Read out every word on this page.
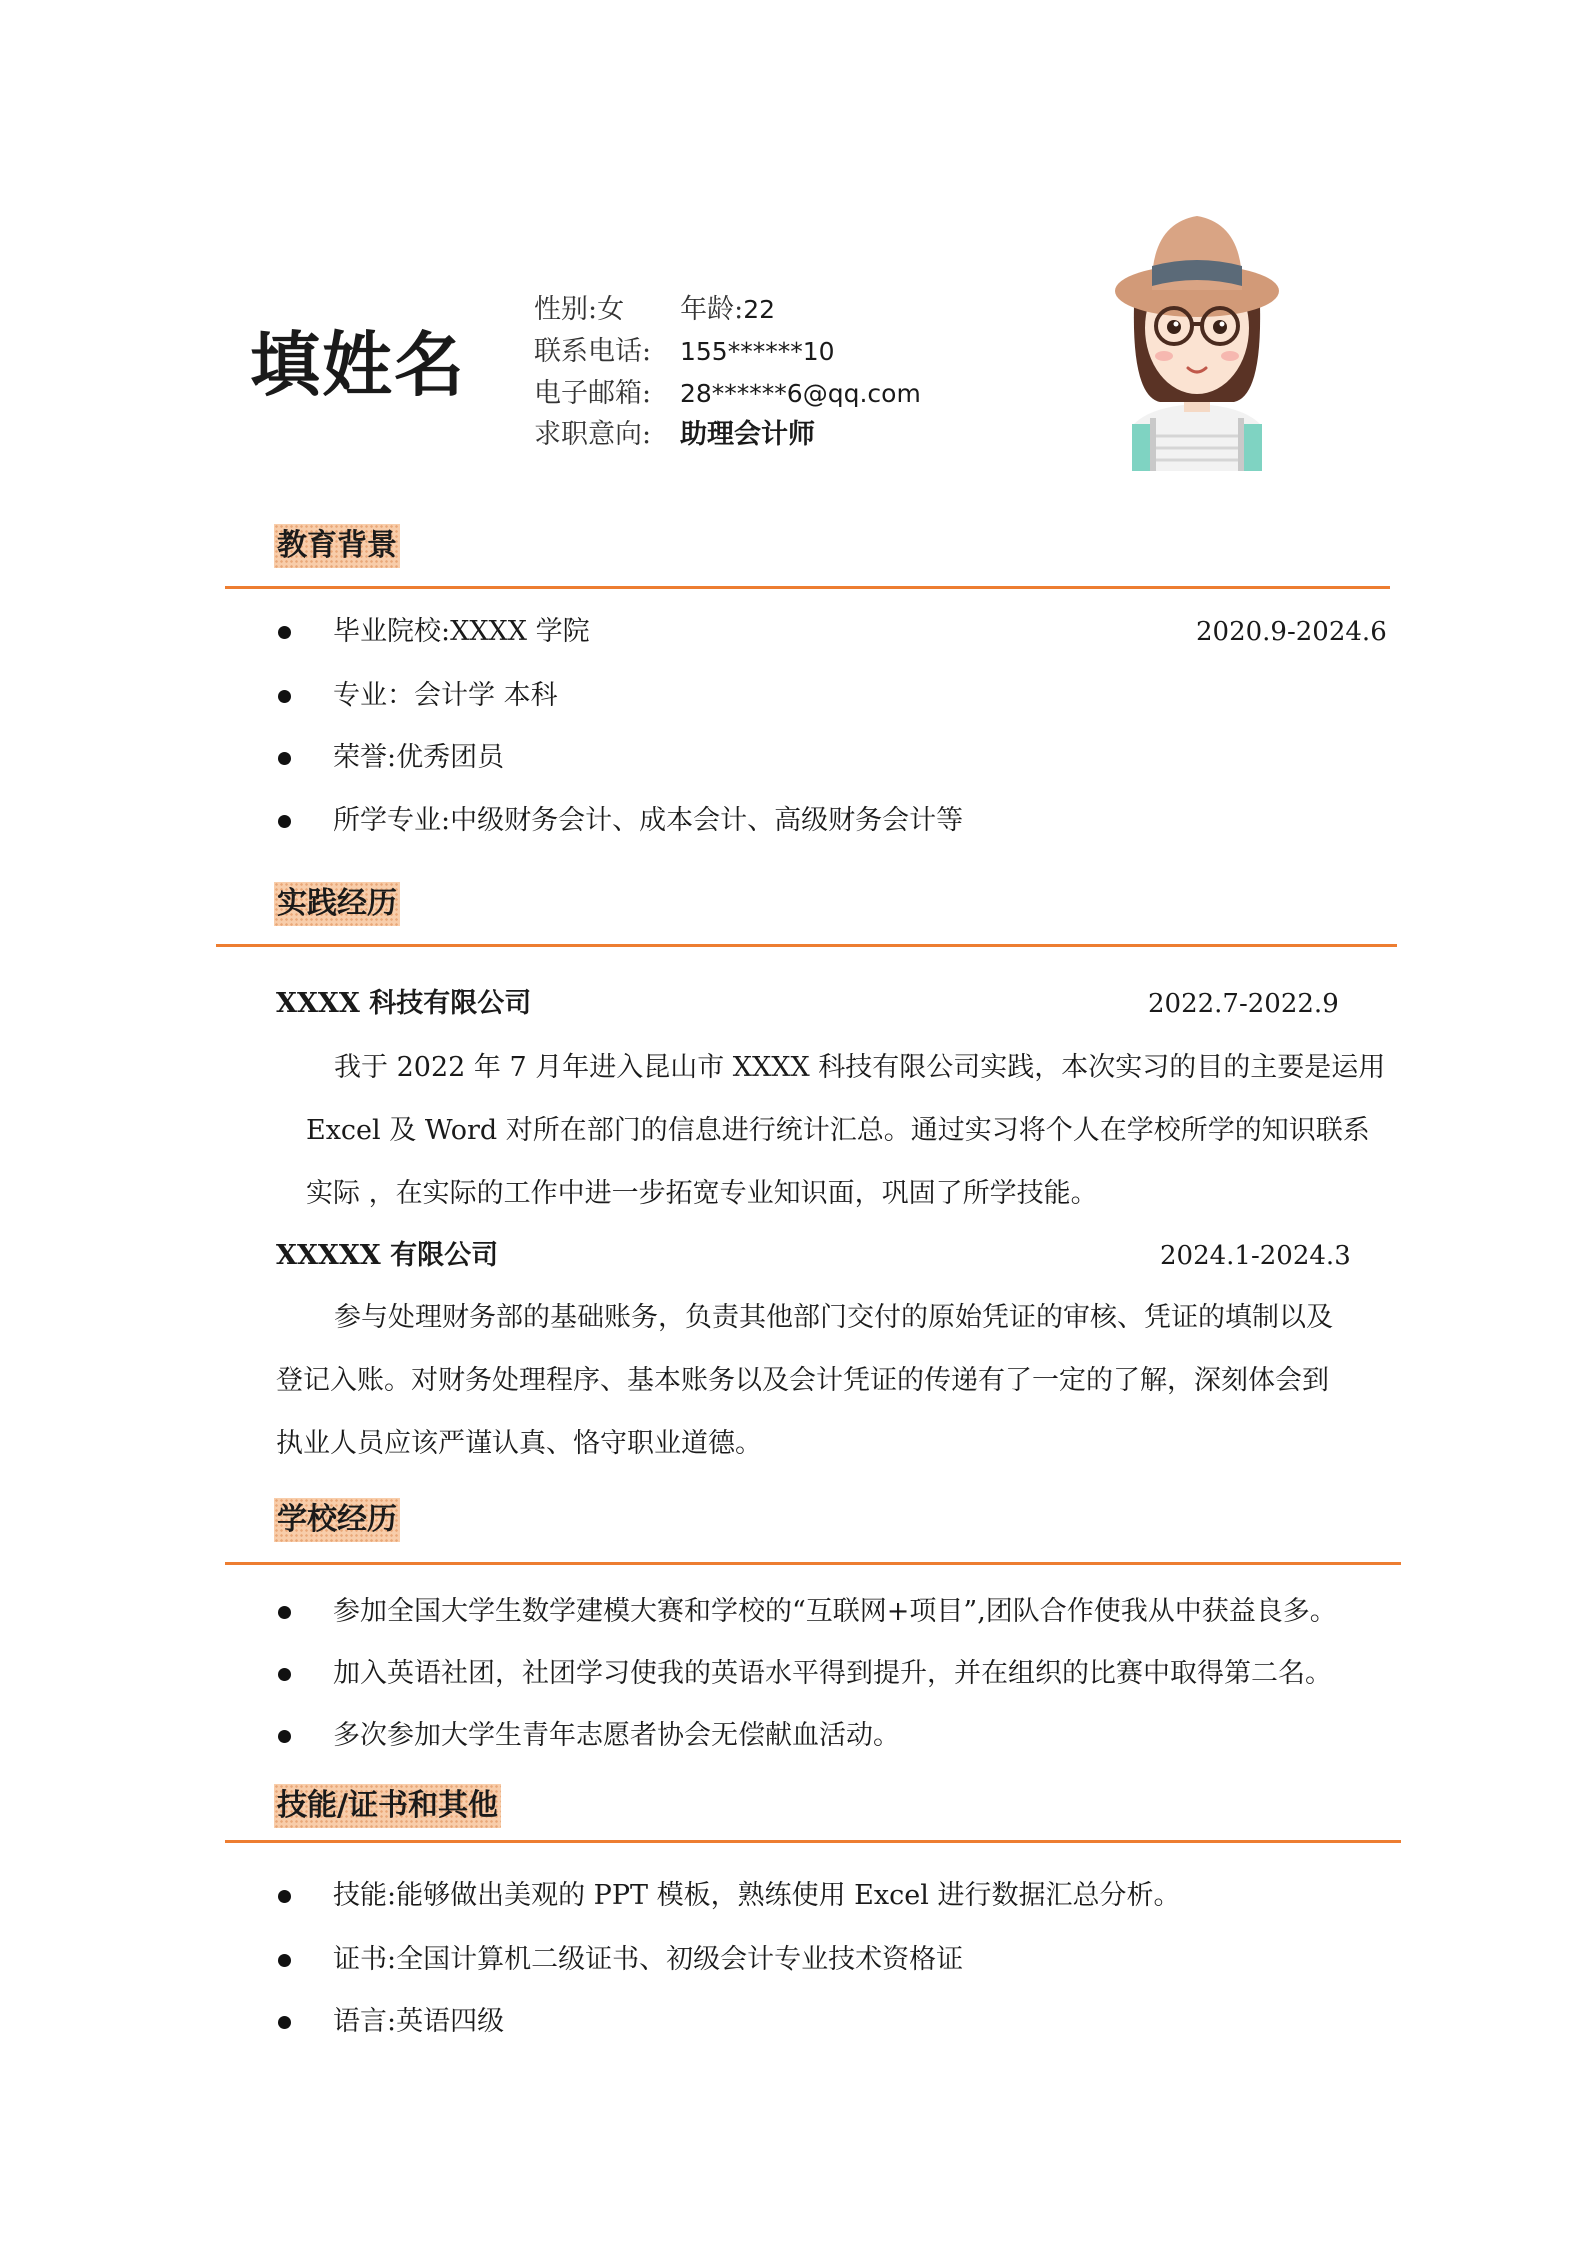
填姓名
性别:女 年龄:22
联系电话: 155******10
电子邮箱: 28******6@qq.com
求职意向: 助理会计师
教育背景
毕业院校:XXXX 学院	2020.9-2024.6
专业：会计学 本科
荣誉:优秀团员
所学专业:中级财务会计、成本会计、高级财务会计等
实践经历
XXXX 科技有限公司	2022.7-2022.9
我于 2022 年 7 月年进入昆山市 XXXX 科技有限公司实践，本次实习的目的主要是运用
Excel 及 Word 对所在部门的信息进行统计汇总。通过实习将个人在学校所学的知识联系
实际 ，在实际的工作中进一步拓宽专业知识面，巩固了所学技能。
XXXXX 有限公司	2024.1-2024.3
参与处理财务部的基础账务，负责其他部门交付的原始凭证的审核、凭证的填制以及
登记入账。对财务处理程序、基本账务以及会计凭证的传递有了一定的了解，深刻体会到
执业人员应该严谨认真、恪守职业道德。
学校经历
参加全国大学生数学建模大赛和学校的“互联网+项目”,团队合作使我从中获益良多。
加入英语社团，社团学习使我的英语水平得到提升，并在组织的比赛中取得第二名。
多次参加大学生青年志愿者协会无偿献血活动。
技能/证书和其他
技能:能够做出美观的 PPT 模板，熟练使用 Excel 进行数据汇总分析。
证书:全国计算机二级证书、初级会计专业技术资格证
语言:英语四级
